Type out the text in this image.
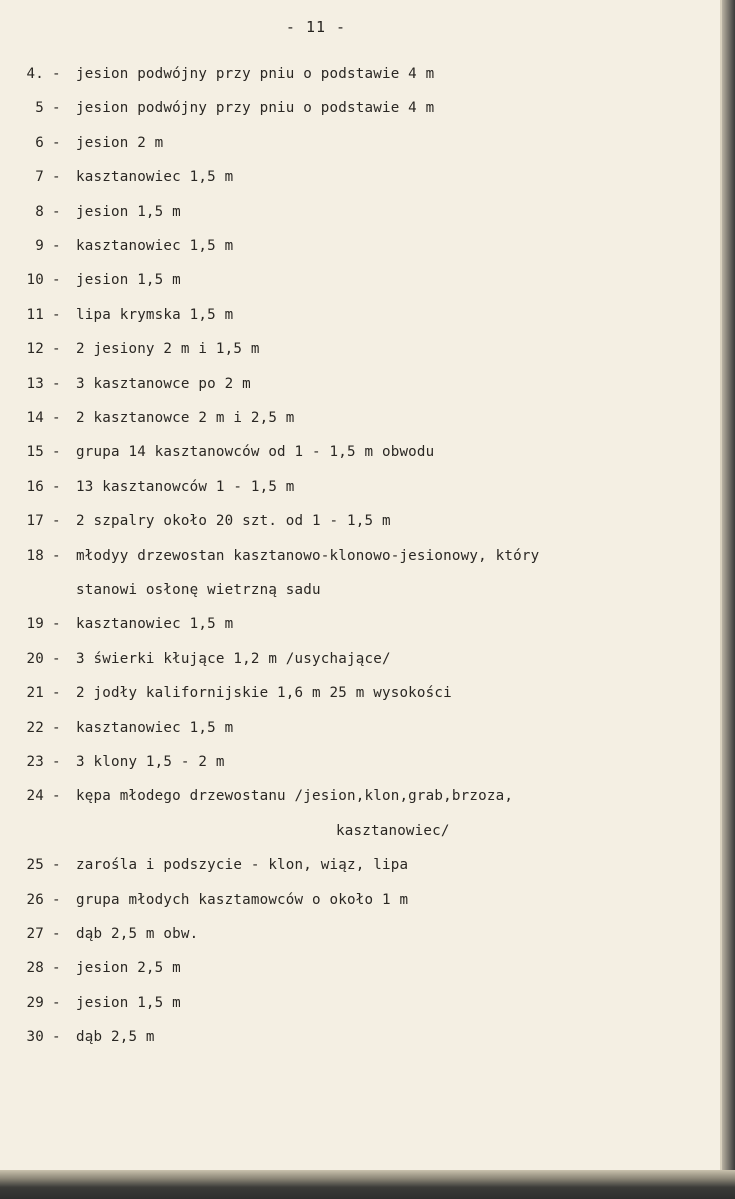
- 11 -
4. - jesion podwójny przy pniu o podstawie 4 m
5 - jesion podwójny przy pniu o podstawie 4 m
6 - jesion 2 m
7 - kasztanowiec 1,5 m
8 - jesion 1,5 m
9 - kasztanowiec 1,5 m
10 - jesion 1,5 m
11 - lipa krymska 1,5 m
12 - 2 jesiony 2 m i 1,5 m
13 - 3 kasztanowce po 2 m
14 - 2 kasztanowce 2 m i 2,5 m
15 - grupa 14 kasztanowców od 1 - 1,5 m obwodu
16 - 13 kasztanowców 1 - 1,5 m
17 - 2 szpalry około 20 szt. od 1 - 1,5 m
18 - młodyy drzewostan kasztanowo-klonowo-jesionowy, który
stanowi osłonę wietrzną sadu
19 - kasztanowiec 1,5 m
20 - 3 świerki kłujące 1,2 m /usychające/
21 - 2 jodły kalifornijskie 1,6 m 25 m wysokości
22 - kasztanowiec 1,5 m
23 - 3 klony 1,5 - 2 m
24 - kępa młodego drzewostanu /jesion,klon,grab,brzoza,
kasztanowiec/
25 - zarośla i podszycie - klon, wiąz, lipa
26 - grupa młodych kasztamowców o około 1 m
27 - dąb 2,5 m obw.
28 - jesion 2,5 m
29 - jesion 1,5 m
30 - dąb 2,5 m
